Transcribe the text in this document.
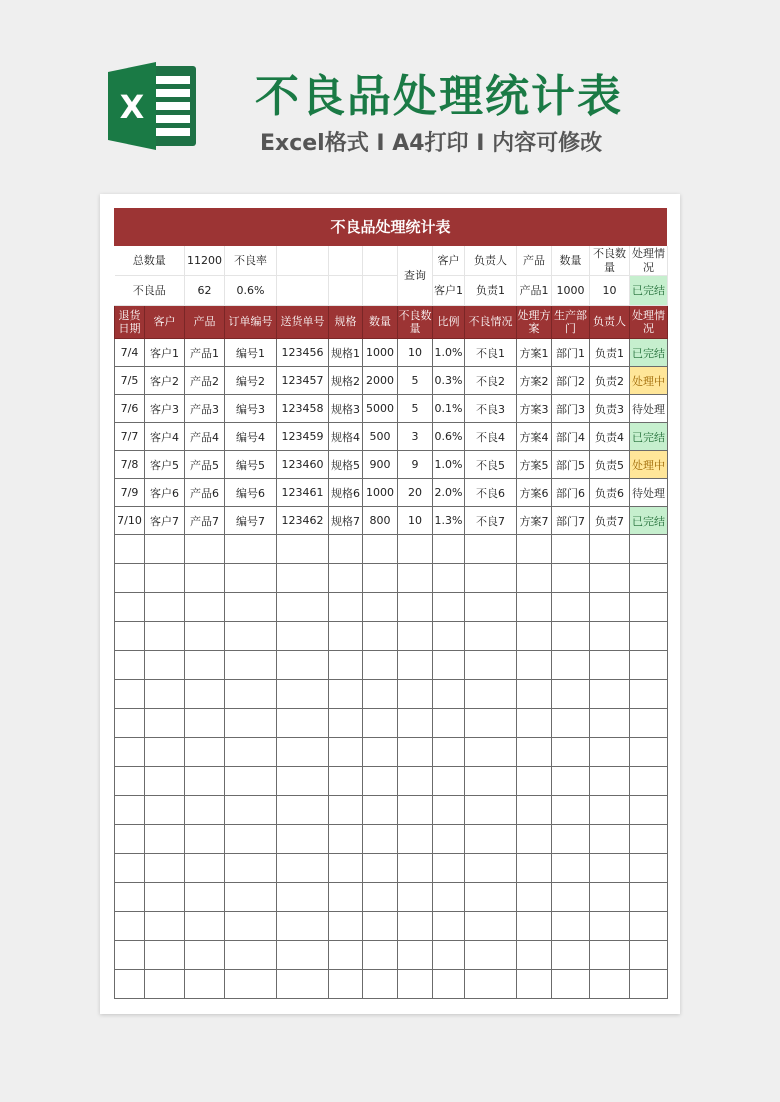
X	不良品处理统计表
Excel格式 I A4打印 I 内容可修改
不良品处理统计表
总数量		11200	不良率				查询	客户	负责人	产品	数量	不良数量	处理情况
不良品		62	0.6%					客户1	负责1	产品1	1000	10	已完结
退货日期	客户	产品	订单编号	送货单号	规格	数量	不良数量	比例	不良情况	处理方案	生产部门	负责人	处理情况
7/4	客户1	产品1	编号1	123456	规格1	1000	10	1.0%	不良1	方案1	部门1	负责1	已完结
7/5	客户2	产品2	编号2	123457	规格2	2000	5	0.3%	不良2	方案2	部门2	负责2	处理中
7/6	客户3	产品3	编号3	123458	规格3	5000	5	0.1%	不良3	方案3	部门3	负责3	待处理
7/7	客户4	产品4	编号4	123459	规格4	500	3	0.6%	不良4	方案4	部门4	负责4	已完结
7/8	客户5	产品5	编号5	123460	规格5	900	9	1.0%	不良5	方案5	部门5	负责5	处理中
7/9	客户6	产品6	编号6	123461	规格6	1000	20	2.0%	不良6	方案6	部门6	负责6	待处理
7/10	客户7	产品7	编号7	123462	规格7	800	10	1.3%	不良7	方案7	部门7	负责7	已完结
